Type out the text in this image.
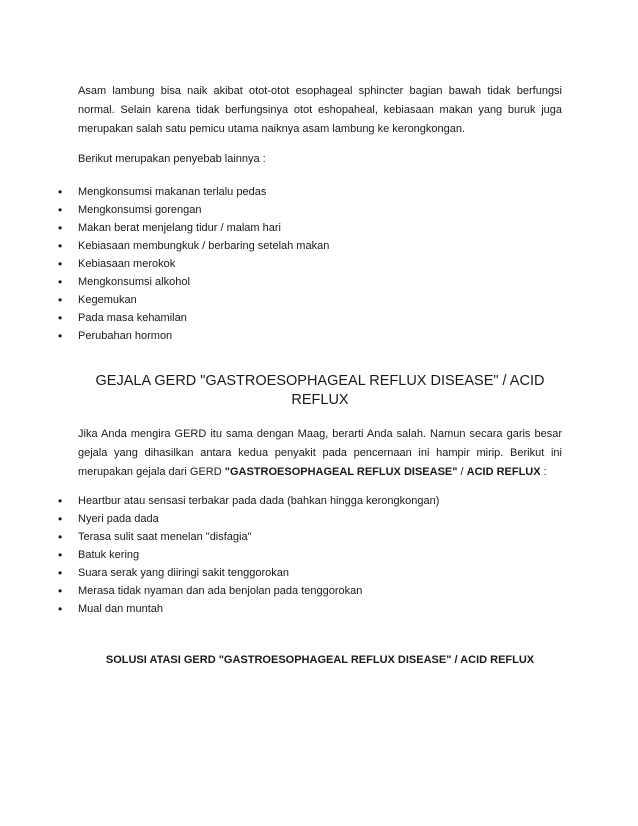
Asam lambung bisa naik akibat otot-otot esophageal sphincter bagian bawah tidak berfungsi normal. Selain karena tidak berfungsinya otot eshopaheal, kebiasaan makan yang buruk juga merupakan salah satu pemicu utama naiknya asam lambung ke kerongkongan.

Berikut merupakan penyebab lainnya :
• Mengkonsumsi makanan terlalu pedas
• Mengkonsumsi gorengan
• Makan berat menjelang tidur / malam hari
• Kebiasaan membungkuk / berbaring setelah makan
• Kebiasaan merokok
• Mengkonsumsi alkohol
• Kegemukan
• Pada masa kehamilan
• Perubahan hormon
GEJALA GERD "GASTROESOPHAGEAL REFLUX DISEASE" / ACID REFLUX

Jika Anda mengira GERD itu sama dengan Maag, berarti Anda salah. Namun secara garis besar gejala yang dihasilkan antara kedua penyakit pada pencernaan ini hampir mirip. Berikut ini merupakan gejala dari GERD "GASTROESOPHAGEAL REFLUX DISEASE" / ACID REFLUX :

• Heartbur atau sensasi terbakar pada dada (bahkan hingga kerongkongan)
• Nyeri pada dada
• Terasa sulit saat menelan "disfagia"
• Batuk kering
• Suara serak yang diiringi sakit tenggorokan
• Merasa tidak nyaman dan ada benjolan pada tenggorokan
• Mual dan muntah
SOLUSI ATASI GERD "GASTROESOPHAGEAL REFLUX DISEASE" / ACID REFLUX
